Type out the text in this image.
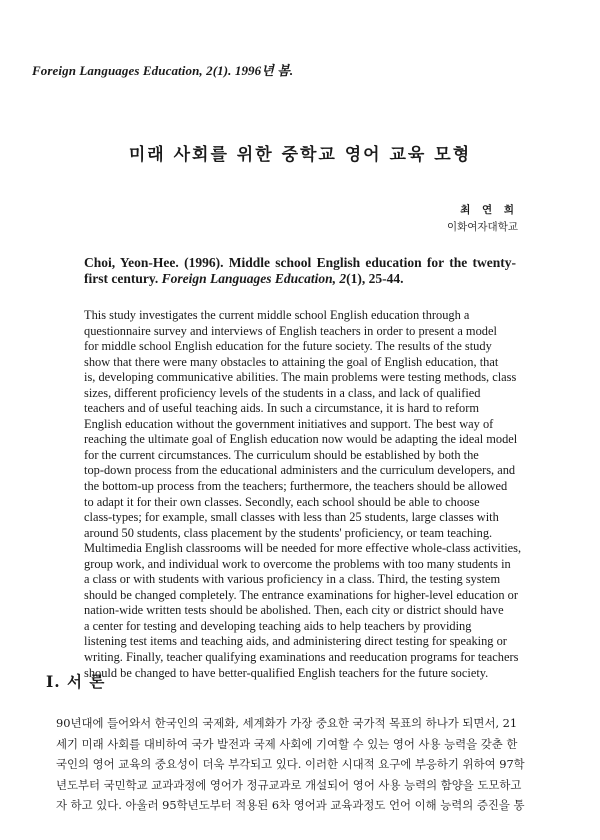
Foreign Languages Education, 2(1). 1996년 봄.
미래 사회를 위한 중학교 영어 교육 모형
최 연 희
이화여자대학교
Choi, Yeon-Hee. (1996). Middle school English education for the twenty-first century. Foreign Languages Education, 2(1), 25-44.
This study investigates the current middle school English education through a
questionnaire survey and interviews of English teachers in order to present a model
for middle school English education for the future society. The results of the study
show that there were many obstacles to attaining the goal of English education, that
is, developing communicative abilities. The main problems were testing methods, class
sizes, different proficiency levels of the students in a class, and lack of qualified
teachers and of useful teaching aids. In such a circumstance, it is hard to reform
English education without the government initiatives and support. The best way of
reaching the ultimate goal of English education now would be adapting the ideal model
for the current circumstances. The curriculum should be established by both the
top-down process from the educational administers and the curriculum developers, and
the bottom-up process from the teachers; furthermore, the teachers should be allowed
to adapt it for their own classes. Secondly, each school should be able to choose
class-types; for example, small classes with less than 25 students, large classes with
around 50 students, class placement by the students' proficiency, or team teaching.
Multimedia English classrooms will be needed for more effective whole-class activities,
group work, and individual work to overcome the problems with too many students in
a class or with students with various proficiency in a class. Third, the testing system
should be changed completely. The entrance examinations for higher-level education or
nation-wide written tests should be abolished. Then, each city or district should have
a center for testing and developing teaching aids to help teachers by providing
listening test items and teaching aids, and administering direct testing for speaking or
writing. Finally, teacher qualifying examinations and reeducation programs for teachers
should be changed to have better-qualified English teachers for the future society.
I. 서 론
90년대에 들어와서 한국인의 국제화, 세계화가 가장 중요한 국가적 목표의 하나가 되면서, 21
세기 미래 사회를 대비하여 국가 발전과 국제 사회에 기여할 수 있는 영어 사용 능력을 갖춘 한
국인의 영어 교육의 중요성이 더욱 부각되고 있다. 이러한 시대적 요구에 부응하기 위하여 97학
년도부터 국민학교 교과과정에 영어가 정규교과로 개설되어 영어 사용 능력의 함양을 도모하고
자 하고 있다. 아울러 95학년도부터 적용된 6차 영어과 교육과정도 언어 이해 능력의 증진을 통
